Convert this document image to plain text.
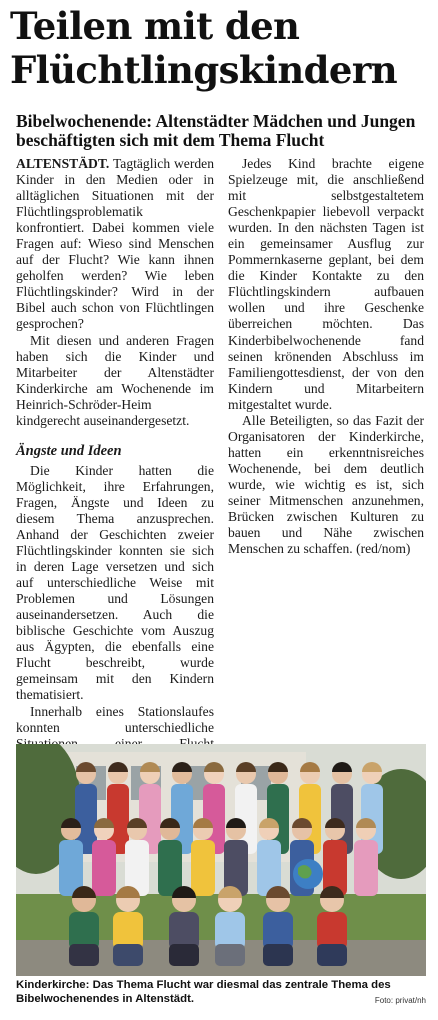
Teilen mit den
Flüchtlingskindern

Bibelwochenende: Altenstädter Mädchen und Jungen beschäftigten sich mit dem Thema Flucht

ALTENSTÄDT. Tagtäglich werden Kinder in den Medien oder in alltäglichen Situationen mit der Flüchtlingsproblematik konfrontiert. Dabei kommen viele Fragen auf: Wieso sind Menschen auf der Flucht? Wie kann ihnen geholfen werden? Wie leben Flüchtlingskinder? Wird in der Bibel auch schon von Flüchtlingen gesprochen?

Mit diesen und anderen Fragen haben sich die Kinder und Mitarbeiter der Altenstädter Kinderkirche am Wochenende im Heinrich-Schröder-Heim kindgerecht auseinandergesetzt.

Ängste und Ideen

Die Kinder hatten die Möglichkeit, ihre Erfahrungen, Fragen, Ängste und Ideen zu diesem Thema anzusprechen. Anhand der Geschichten zweier Flüchtlingskinder konnten sie sich in deren Lage versetzen und sich auf unterschiedliche Weise mit Problemen und Lösungen auseinandersetzen. Auch die biblische Geschichte vom Auszug aus Ägypten, die ebenfalls eine Flucht beschreibt, wurde gemeinsam mit den Kindern thematisiert.

Innerhalb eines Stationslaufes konnten unterschiedliche

Jedes Kind brachte eigene Spielzeuge mit, die anschließend mit selbstgestaltetem Geschenkpapier liebevoll verpackt wurden. In den nächsten Tagen ist ein gemeinsamer Ausflug zur Pommernkaserne geplant, bei dem die Kinder Kontakte zu den Flüchtlingskindern aufbauen wollen und ihre Geschenke überreichen möchten. Das Kinderbibelwochenende fand seinen krönenden Abschluss im Familiengottesdienst, der von den Kindern und Mitarbeitern mitgestaltet wurde.

Alle Beteiligten, so das Fazit der Organisatoren der Kinderkirche, hatten ein erkenntnisreiches Wochenende, bei dem deutlich wurde, wie wichtig es ist, sich seiner Mitmenschen anzunehmen, Brücken zwischen Kulturen zu bauen und Nähe zwischen Menschen zu schaffen. (red/nom)

Kinderkirche: Das Thema Flucht war diesmal das zentrale Thema des Bibelwochenendes in Altenstädt.	Foto: privat/nh
